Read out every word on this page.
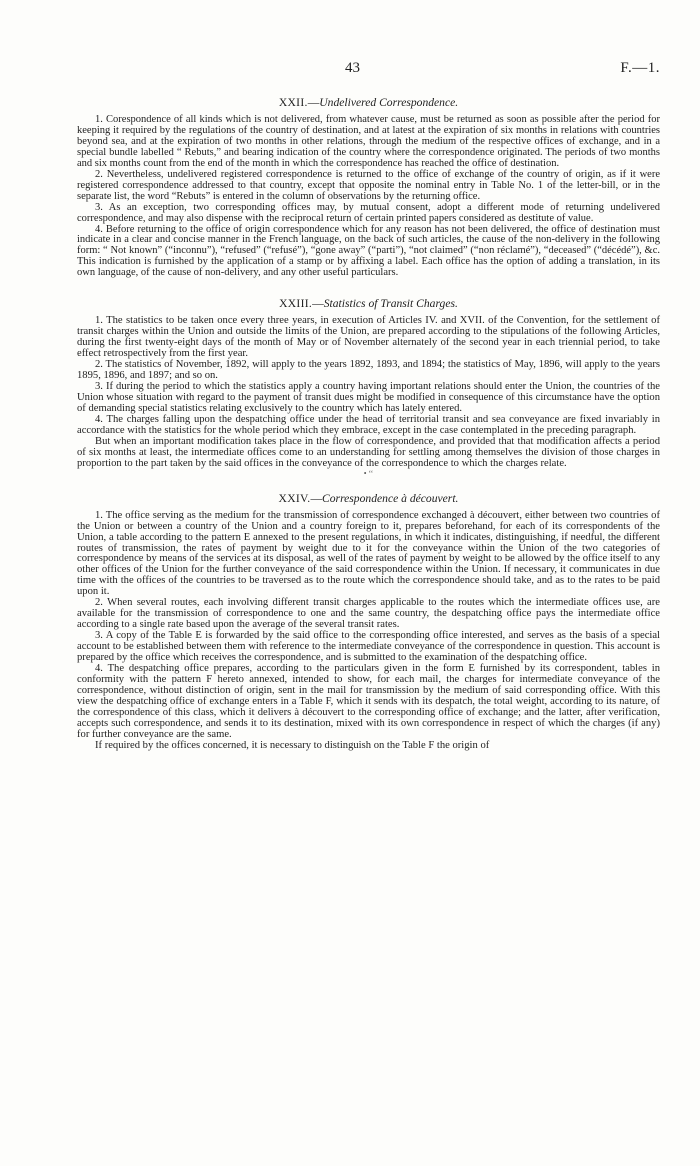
43	F.—1.
XXII.—Undelivered Correspondence.

1. Corespondence of all kinds which is not delivered, from whatever cause, must be returned as soon as possible after the period for keeping it required by the regulations of the country of destination, and at latest at the expiration of six months in relations with countries beyond sea, and at the expiration of two months in other relations, through the medium of the respective offices of exchange, and in a special bundle labelled “ Rebuts,” and bearing indication of the country where the correspondence originated. The periods of two months and six months count from the end of the month in which the correspondence has reached the office of destination.

2. Nevertheless, undelivered registered correspondence is returned to the office of exchange of the country of origin, as if it were registered correspondence addressed to that country, except that opposite the nominal entry in Table No. 1 of the letter-bill, or in the separate list, the word “Rebuts” is entered in the column of observations by the returning office.

3. As an exception, two corresponding offices may, by mutual consent, adopt a different mode of returning undelivered correspondence, and may also dispense with the reciprocal return of certain printed papers considered as destitute of value.

4. Before returning to the office of origin correspondence which for any reason has not been delivered, the office of destination must indicate in a clear and concise manner in the French language, on the back of such articles, the cause of the non-delivery in the following form: “ Not known” (“inconnu”), “refused” (“refusé”), “gone away” (“parti”), “not claimed” (“non réclamé”), “deceased” (“décédé”), &c. This indication is furnished by the application of a stamp or by affixing a label. Each office has the option of adding a translation, in its own language, of the cause of non-delivery, and any other useful particulars.

XXIII.—Statistics of Transit Charges.

1. The statistics to be taken once every three years, in execution of Articles IV. and XVII. of the Convention, for the settlement of transit charges within the Union and outside the limits of the Union, are prepared according to the stipulations of the following Articles, during the first twenty-eight days of the month of May or of November alternately of the second year in each triennial period, to take effect retrospectively from the first year.

2. The statistics of November, 1892, will apply to the years 1892, 1893, and 1894; the statistics of May, 1896, will apply to the years 1895, 1896, and 1897; and so on.

3. If during the period to which the statistics apply a country having important relations should enter the Union, the countries of the Union whose situation with regard to the payment of transit dues might be modified in consequence of this circumstance have the option of demanding special statistics relating exclusively to the country which has lately entered.

4. The charges falling upon the despatching office under the head of territorial transit and sea conveyance are fixed invariably in accordance with the statistics for the whole period which they embrace, except in the case contemplated in the preceding paragraph.

But when an important modification takes place in the flow of correspondence, and provided that that modification affects a period of six months at least, the intermediate offices come to an understanding for settling among themselves the division of those charges in proportion to the part taken by the said offices in the conveyance of the correspondence to which the charges relate.

• ‘‘
XXIV.—Correspondence à découvert.

1. The office serving as the medium for the transmission of correspondence exchanged à découvert, either between two countries of the Union or between a country of the Union and a country foreign to it, prepares beforehand, for each of its correspondents of the Union, a table according to the pattern E annexed to the present regulations, in which it indicates, distinguishing, if needful, the different routes of transmission, the rates of payment by weight due to it for the conveyance within the Union of the two categories of correspondence by means of the services at its disposal, as well of the rates of payment by weight to be allowed by the office itself to any other offices of the Union for the further conveyance of the said correspondence within the Union. If necessary, it communicates in due time with the offices of the countries to be traversed as to the route which the correspondence should take, and as to the rates to be paid upon it.

2. When several routes, each involving different transit charges applicable to the routes which the intermediate offices use, are available for the transmission of correspondence to one and the same country, the despatching office pays the intermediate office according to a single rate based upon the average of the several transit rates.

3. A copy of the Table E is forwarded by the said office to the corresponding office interested, and serves as the basis of a special account to be established between them with reference to the intermediate conveyance of the correspondence in question. This account is prepared by the office which receives the correspondence, and is submitted to the examination of the despatching office.

4. The despatching office prepares, according to the particulars given in the form E furnished by its correspondent, tables in conformity with the pattern F hereto annexed, intended to show, for each mail, the charges for intermediate conveyance of the correspondence, without distinction of origin, sent in the mail for transmission by the medium of said corresponding office. With this view the despatching office of exchange enters in a Table F, which it sends with its despatch, the total weight, according to its nature, of the correspondence of this class, which it delivers à découvert to the corresponding office of exchange; and the latter, after verification, accepts such correspondence, and sends it to its destination, mixed with its own correspondence in respect of which the charges (if any) for further conveyance are the same.

If required by the offices concerned, it is necessary to distinguish on the Table F the origin of
